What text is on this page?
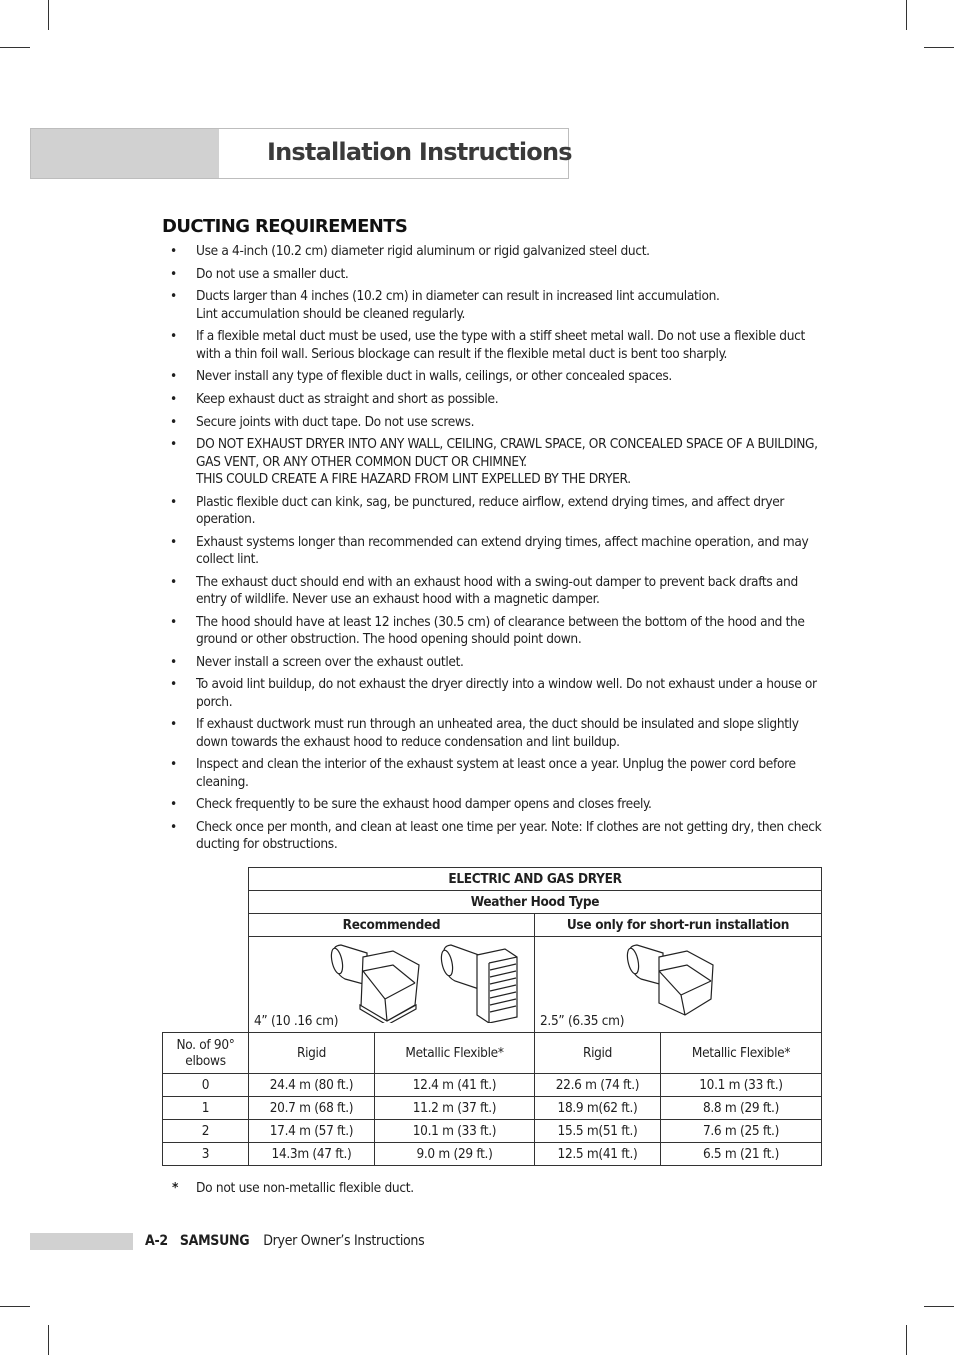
Installation Instructions
DUCTING REQUIREMENTS
• Use a 4-inch (10.2 cm) diameter rigid aluminum or rigid galvanized steel duct.
• Do not use a smaller duct.
• Ducts larger than 4 inches (10.2 cm) in diameter can result in increased lint accumulation.
Lint accumulation should be cleaned regularly.
• If a flexible metal duct must be used, use the type with a stiff sheet metal wall. Do not use a flexible duct with a thin foil wall. Serious blockage can result if the flexible metal duct is bent too sharply.
• Never install any type of flexible duct in walls, ceilings, or other concealed spaces.
• Keep exhaust duct as straight and short as possible.
• Secure joints with duct tape. Do not use screws.
• DO NOT EXHAUST DRYER INTO ANY WALL, CEILING, CRAWL SPACE, OR CONCEALED SPACE OF A BUILDING, GAS VENT, OR ANY OTHER COMMON DUCT OR CHIMNEY.
THIS COULD CREATE A FIRE HAZARD FROM LINT EXPELLED BY THE DRYER.
• Plastic flexible duct can kink, sag, be punctured, reduce airflow, extend drying times, and affect dryer operation.
• Exhaust systems longer than recommended can extend drying times, affect machine operation, and may collect lint.
• The exhaust duct should end with an exhaust hood with a swing-out damper to prevent back drafts and entry of wildlife. Never use an exhaust hood with a magnetic damper.
• The hood should have at least 12 inches (30.5 cm) of clearance between the bottom of the hood and the ground or other obstruction. The hood opening should point down.
• Never install a screen over the exhaust outlet.
• To avoid lint buildup, do not exhaust the dryer directly into a window well. Do not exhaust under a house or porch.
• If exhaust ductwork must run through an unheated area, the duct should be insulated and slope slightly down towards the exhaust hood to reduce condensation and lint buildup.
• Inspect and clean the interior of the exhaust system at least once a year. Unplug the power cord before cleaning.
• Check frequently to be sure the exhaust hood damper opens and closes freely.
• Check once per month, and clean at least one time per year. Note: If clothes are not getting dry, then check ducting for obstructions.
	ELECTRIC AND GAS DRYER			
	Weather Hood Type			
	Recommended		Use only for short-run installation	

	4” (10 .16 cm)		2.5” (6.35 cm)	

No. of 90° elbows	Rigid	Metallic Flexible*	Rigid	Metallic Flexible*
0	24.4 m (80 ft.)	12.4 m (41 ft.)	22.6 m (74 ft.)	10.1 m (33 ft.)
1	20.7 m (68 ft.)	11.2 m (37 ft.)	18.9 m(62 ft.)	8.8 m (29 ft.)
2	17.4 m (57 ft.)	10.1 m (33 ft.)	15.5 m(51 ft.)	7.6 m (25 ft.)
3	14.3m (47 ft.)	9.0 m (29 ft.)	12.5 m(41 ft.)	6.5 m (21 ft.)
* Do not use non-metallic flexible duct.
A-2 SAMSUNG Dryer Owner’s Instructions
